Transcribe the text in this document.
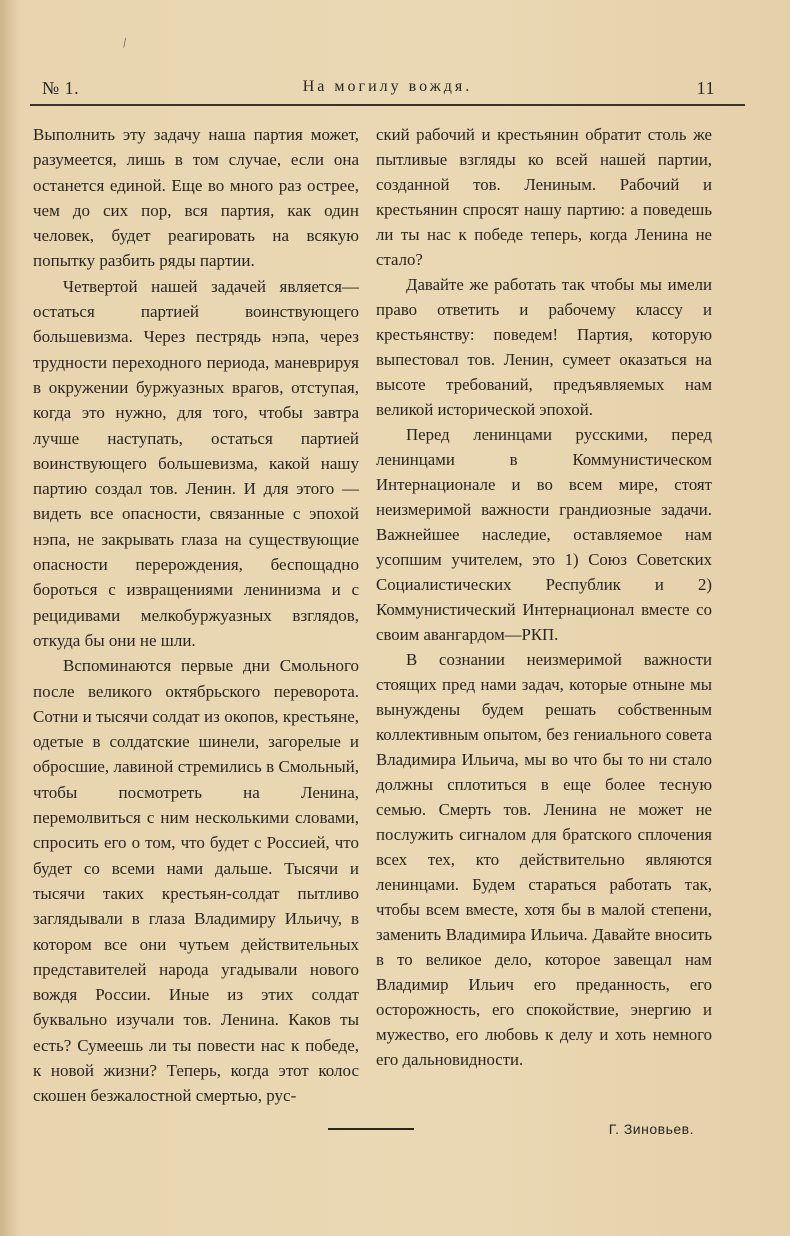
\
№ 1.	На могилу вождя.	11

Выполнить эту задачу наша партия может, разумеется, лишь в том случае, если она останется единой. Еще во много раз острее, чем до сих пор, вся партия, как один человек, будет реагировать на всякую попытку разбить ряды партии.

Четвертой нашей задачей является—остаться партией воинствующего большевизма. Через пестрядь нэпа, через трудности переходного периода, маневрируя в окружении буржуазных врагов, отступая, когда это нужно, для того, чтобы завтра лучше наступать, остаться партией воинствующего большевизма, какой нашу партию создал тов. Ленин. И для этого — видеть все опасности, связанные с эпохой нэпа, не закрывать глаза на существующие опасности перерождения, беспощадно бороться с извращениями ленинизма и с рецидивами мелкобуржуазных взглядов, откуда бы они не шли.

Вспоминаются первые дни Смольного после великого октябрьского переворота. Сотни и тысячи солдат из окопов, крестьяне, одетые в солдатские шинели, загорелые и обросшие, лавиной стремились в Смольный, чтобы посмотреть на Ленина, перемолвиться с ним несколькими словами, спросить его о том, что будет с Россией, что будет со всеми нами дальше. Тысячи и тысячи таких крестьян-солдат пытливо заглядывали в глаза Владимиру Ильичу, в котором все они чутьем действительных представителей народа угадывали нового вождя России. Иные из этих солдат буквально изучали тов. Ленина. Каков ты есть? Сумеешь ли ты повести нас к победе, к новой жизни? Теперь, когда этот колос скошен безжалостной смертью, рус-

ский рабочий и крестьянин обратит столь же пытливые взгляды ко всей нашей партии, созданной тов. Лениным. Рабочий и крестьянин спросят нашу партию: а поведешь ли ты нас к победе теперь, когда Ленина не стало?

Давайте же работать так чтобы мы имели право ответить и рабочему классу и крестьянству: поведем! Партия, которую выпестовал тов. Ленин, сумеет оказаться на высоте требований, предъявляемых нам великой исторической эпохой.

Перед ленинцами русскими, перед ленинцами в Коммунистическом Интернационале и во всем мире, стоят неизмеримой важности грандиозные задачи. Важнейшее наследие, оставляемое нам усопшим учителем, это 1) Союз Советских Социалистических Республик и 2) Коммунистический Интернационал вместе со своим авангардом—РКП.

В сознании неизмеримой важности стоящих пред нами задач, которые отныне мы вынуждены будем решать собственным коллективным опытом, без гениального совета Владимира Ильича, мы во что бы то ни стало должны сплотиться в еще более тесную семью. Смерть тов. Ленина не может не послужить сигналом для братского сплочения всех тех, кто действительно являются ленинцами. Будем стараться работать так, чтобы всем вместе, хотя бы в малой степени, заменить Владимира Ильича. Давайте вносить в то великое дело, которое завещал нам Владимир Ильич его преданность, его осторожность, его спокойствие, энергию и мужество, его любовь к делу и хоть немного его дальновидности.

Г. Зиновьев.
